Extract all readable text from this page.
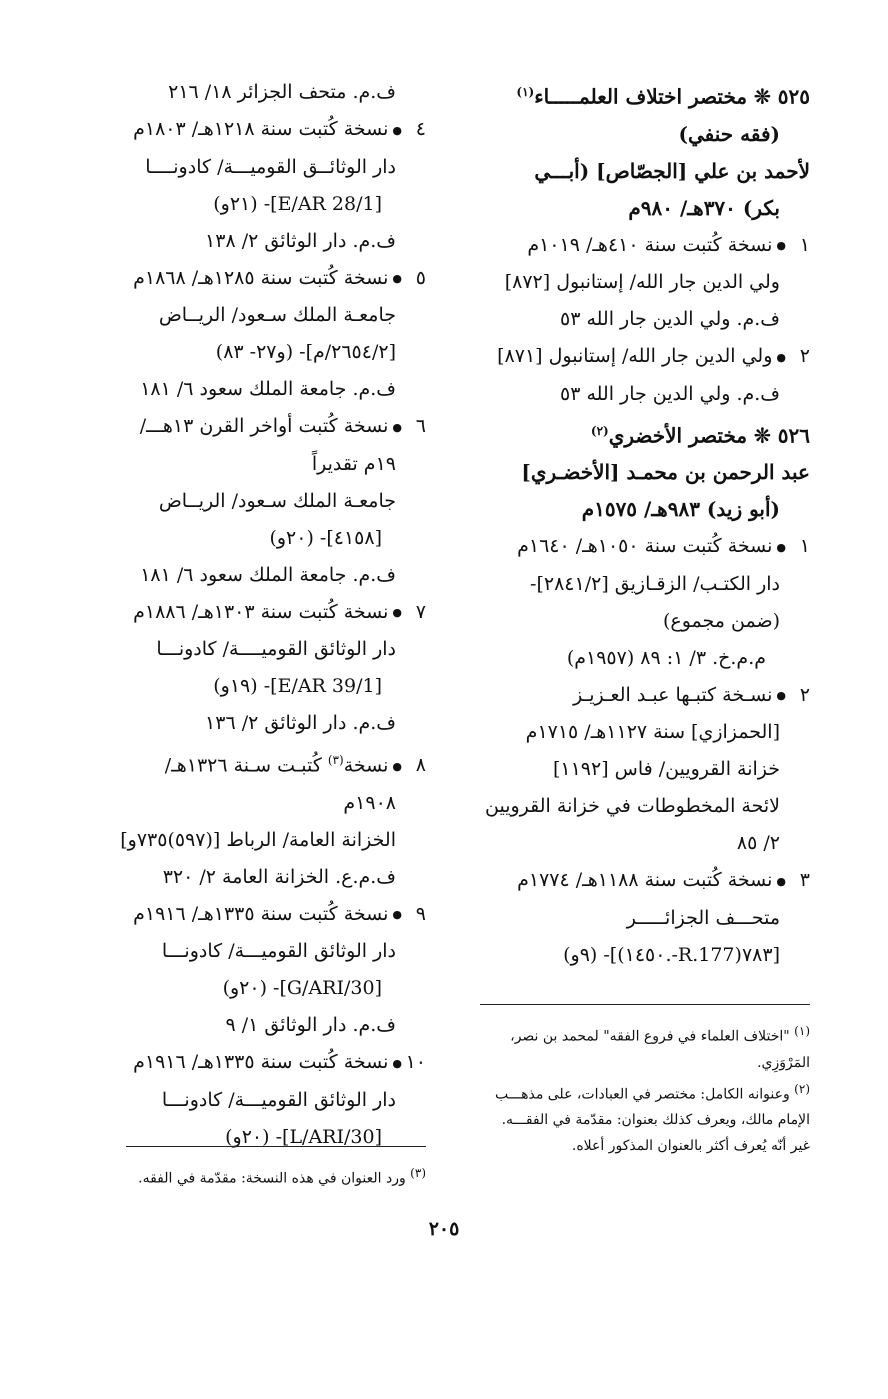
٥٢٥ ❊ مختصر اختلاف العلمـــــاء$^{(١)}$
(فقه حنفي)
لأحمد بن علي [الجصّاص] (أبـــي
بكر) ٣٧٠هـ/ ٩٨٠م
١●نسخة كُتبت سنة ٤١٠هـ/ ١٠١٩م
ولي الدين جار الله/ إستانبول [٨٧٢]
ف.م. ولي الدين جار الله ٥٣
٢●ولي الدين جار الله/ إستانبول [٨٧١]
ف.م. ولي الدين جار الله ٥٣
٥٢٦ ❊ مختصر الأخضري$^{(٢)}$
عبد الرحمن بن محمـد [الأخضـري]
(أبو زيد) ٩٨٣هـ/ ١٥٧٥م
١●نسخة كُتبت سنة ١٠٥٠هـ/ ١٦٤٠م
دار الكتـب/ الزقـازيق [٢٨٤١/٢]-
(ضمن مجموع)
م.م.خ. ٣/ ١: ٨٩ (١٩٥٧م)
٢●نسـخة كتبـها عبـد العـزيـز
[الحمزازي] سنة ١١٢٧هـ/ ١٧١٥م
خزانة القرويين/ فاس [١١٩٢]
لائحة المخطوطات في خزانة القرويين
٢/ ٨٥
٣●نسخة كُتبت سنة ١١٨٨هـ/ ١٧٧٤م
متحـــف الجزائـــــر
[٧٨٣(R.177-.١٤٥٠)]- (٩و)
ف.م. متحف الجزائر ١٨/ ٢١٦
٤●نسخة كُتبت سنة ١٢١٨هـ/ ١٨٠٣م
دار الوثائــق القوميـــة/ كادونــــا
[E/AR 28/1]- (٢١و)
ف.م. دار الوثائق ٢/ ١٣٨
٥●نسخة كُتبت سنة ١٢٨٥هـ/ ١٨٦٨م
جامعـة الملك سـعود/ الريــاض
[٢٦٥٤/٢/م]- (و٢٧- ٨٣)
ف.م. جامعة الملك سعود ٦/ ١٨١
٦●نسخة كُتبت أواخر القرن ١٣هـــ/
١٩م تقديراً
جامعـة الملك سـعود/ الريــاض
[٤١٥٨]- (٢٠و)
ف.م. جامعة الملك سعود ٦/ ١٨١
٧●نسخة كُتبت سنة ١٣٠٣هـ/ ١٨٨٦م
دار الوثائق القوميــــة/ كادونـــا
[E/AR 39/1]- (١٩و)
ف.م. دار الوثائق ٢/ ١٣٦
٨●نسخة$^{(٣)}$ كُتبـت سـنة ١٣٢٦هـ/
١٩٠٨م
الخزانة العامة/ الرباط [(٥٩٧)٧٣٥و]
ف.م.ع. الخزانة العامة ٢/ ٣٢٠
٩●نسخة كُتبت سنة ١٣٣٥هـ/ ١٩١٦م
دار الوثائق القوميـــة/ كادونـــا
[G/ARI/30]- (٢٠و)
ف.م. دار الوثائق ١/ ٩
١٠●نسخة كُتبت سنة ١٣٣٥هـ/ ١٩١٦م
دار الوثائق القوميـــة/ كادونـــا
[L/ARI/30]- (٢٠و)
$^{(١)}$ "اختلاف العلماء في فروع الفقه" لمحمد بن نصر،
المَرْوَزِي.
$^{(٢)}$ وعنوانه الكامل: مختصر في العبادات، على مذهـــب
الإمام مالك، ويعرف كذلك بعنوان: مقدّمة في الفقـــه.
غير أنّه يُعرف أكثر بالعنوان المذكور أعلاه.
$^{(٣)}$ ورد العنوان في هذه النسخة: مقدّمة في الفقه.
٢٠٥
